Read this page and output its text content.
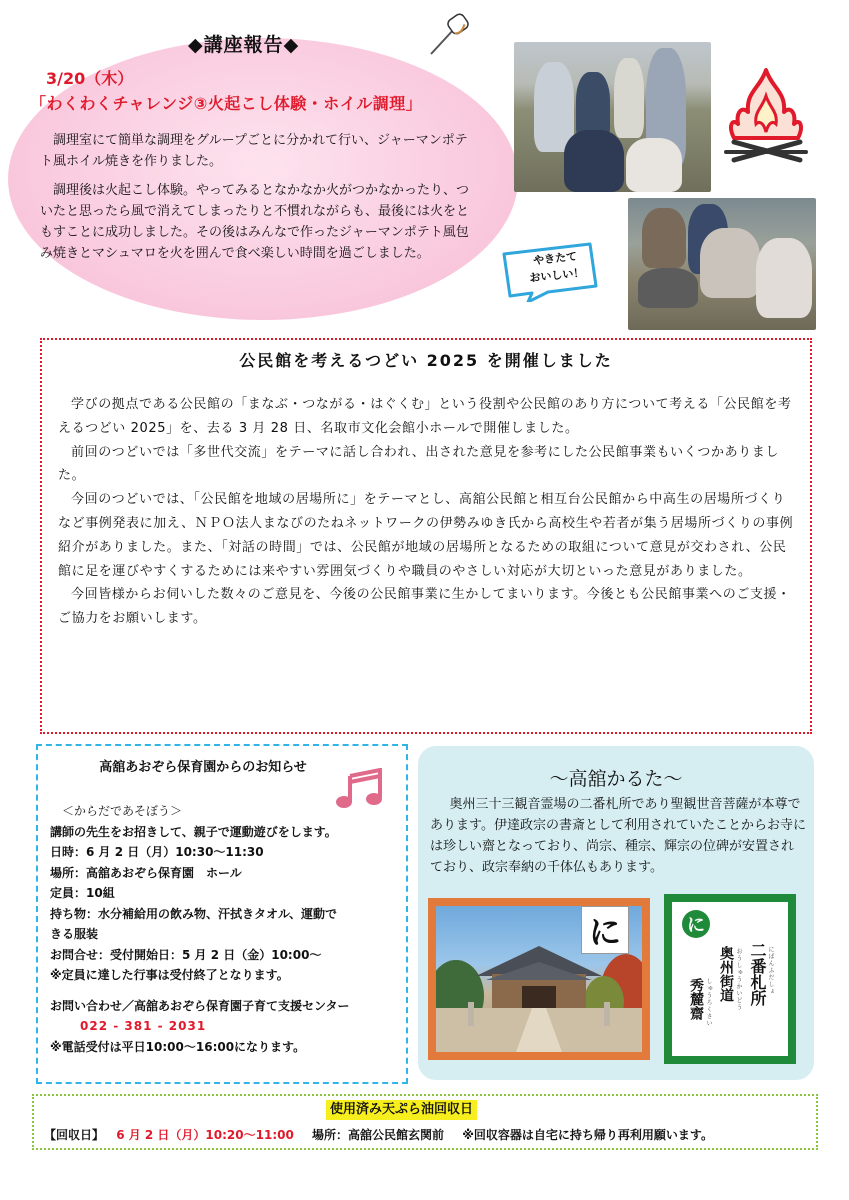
◆講座報告◆
3/20（木）
「わくわくチャレンジ③火起こし体験・ホイル調理」

調理室にて簡単な調理をグループごとに分かれて行い、ジャーマンポテト風ホイル焼きを作りました。

調理後は火起こし体験。やってみるとなかなか火がつかなかったり、ついたと思ったら風で消えてしまったりと不慣れながらも、最後には火をともすことに成功しました。その後はみんなで作ったジャーマンポテト風包み焼きとマシュマロを火を囲んで食べ楽しい時間を過ごしました。	やきたて
おいしい！
公民館を考えるつどい 2025 を開催しました

学びの拠点である公民館の「まなぶ・つながる・はぐくむ」という役割や公民館のあり方について考える「公民館を考えるつどい 2025」を、去る 3 月 28 日、名取市文化会館小ホールで開催しました。

前回のつどいでは「多世代交流」をテーマに話し合われ、出された意見を参考にした公民館事業もいくつかありました。

今回のつどいでは、「公民館を地域の居場所に」をテーマとし、高舘公民館と相互台公民館から中高生の居場所づくりなど事例発表に加え、ＮＰＯ法人まなびのたねネットワークの伊勢みゆき氏から高校生や若者が集う居場所づくりの事例紹介がありました。また、「対話の時間」では、公民館が地域の居場所となるための取組について意見が交わされ、公民館に足を運びやすくするためには来やすい雰囲気づくりや職員のやさしい対応が大切といった意見がありました。

今回皆様からお伺いした数々のご意見を、今後の公民館事業に生かしてまいります。今後とも公民館事業へのご支援・ご協力をお願いします。

高舘あおぞら保育園からのお知らせ
＜からだであそぼう＞
講師の先生をお招きして、親子で運動遊びをします。
日時：6 月 2 日（月）10:30～11:30
場所：高舘あおぞら保育園　ホール
定員：10組
持ち物：水分補給用の飲み物、汗拭きタオル、運動で
きる服装
お問合せ：受付開始日：5 月 2 日（金）10:00～
※定員に達した行事は受付終了となります。
お問い合わせ／高舘あおぞら保育園子育て支援センター
022 - 381 - 2031
※電話受付は平日10:00～16:00になります。
～高舘かるた～
奥州三十三観音霊場の二番札所であり聖観世音菩薩が本尊であります。伊達政宗の書斎として利用されていたことからお寺には珍しい齋となっており、尚宗、種宗、輝宗の位碑が安置されており、政宗奉納の千体仏もあります。
に	に
にばんふだしょ
二番札所
おうしゅうかいどう
奥州街道
しゅうろくさい
秀麓齋
使用済み天ぷら油回収日
【回収日】 6 月 2 日（月）10:20～11:00 場所：高舘公民館玄関前 ※回収容器は自宅に持ち帰り再利用願います。
